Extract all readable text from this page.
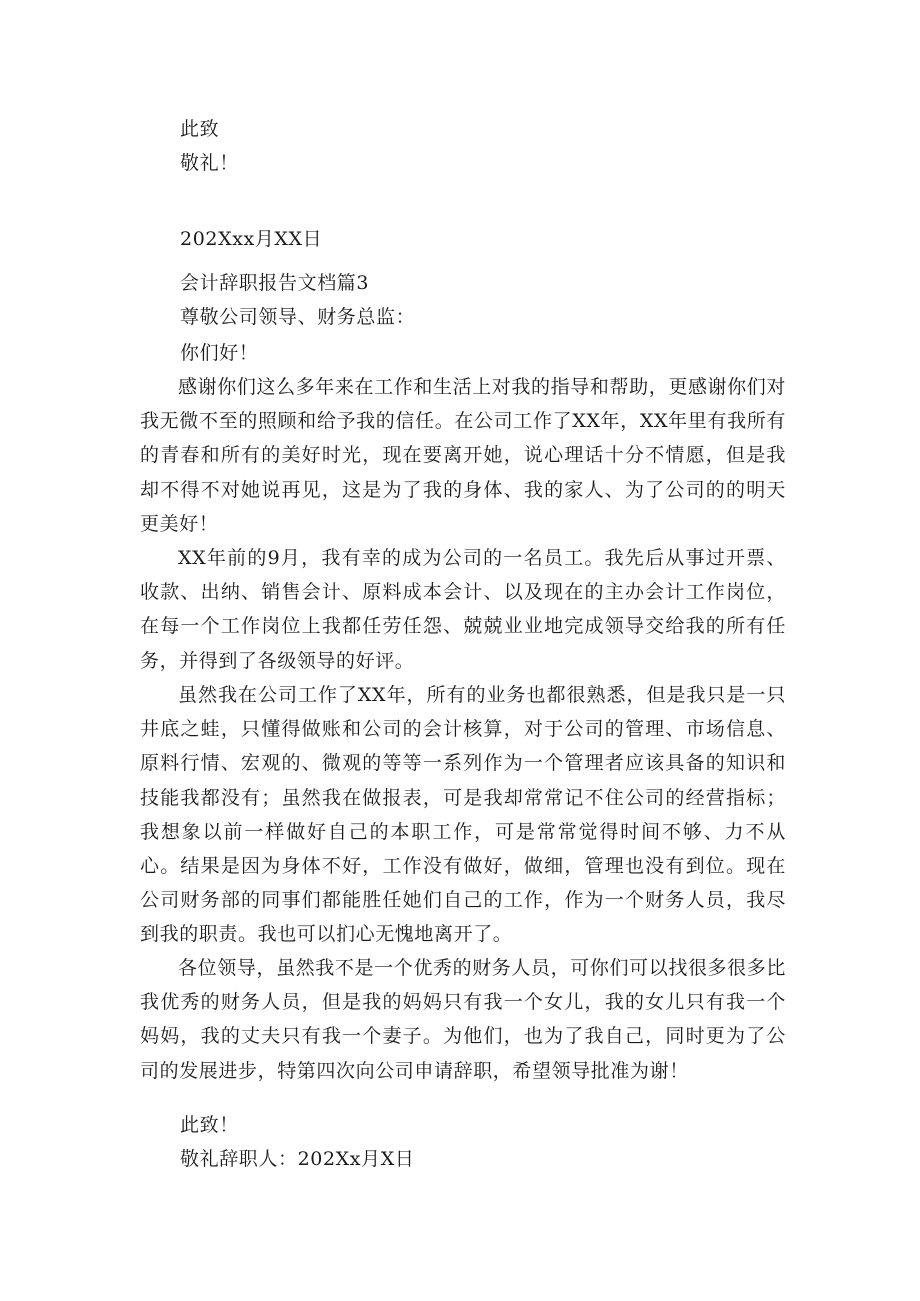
此致
敬礼！
202Xxx月XX日
会计辞职报告文档篇3
尊敬公司领导、财务总监：
你们好！
感谢你们这么多年来在工作和生活上对我的指导和帮助，更感谢你们对我无微不至的照顾和给予我的信任。在公司工作了XX年，XX年里有我所有的青春和所有的美好时光，现在要离开她，说心理话十分不情愿，但是我却不得不对她说再见，这是为了我的身体、我的家人、为了公司的的明天更美好！
XX年前的9月，我有幸的成为公司的一名员工。我先后从事过开票、收款、出纳、销售会计、原料成本会计、以及现在的主办会计工作岗位，在每一个工作岗位上我都任劳任怨、兢兢业业地完成领导交给我的所有任务，并得到了各级领导的好评。
虽然我在公司工作了XX年，所有的业务也都很熟悉，但是我只是一只井底之蛙，只懂得做账和公司的会计核算，对于公司的管理、市场信息、原料行情、宏观的、微观的等等一系列作为一个管理者应该具备的知识和技能我都没有；虽然我在做报表，可是我却常常记不住公司的经营指标；我想象以前一样做好自己的本职工作，可是常常觉得时间不够、力不从心。结果是因为身体不好，工作没有做好，做细，管理也没有到位。现在公司财务部的同事们都能胜任她们自己的工作，作为一个财务人员，我尽到我的职责。我也可以扪心无愧地离开了。
各位领导，虽然我不是一个优秀的财务人员，可你们可以找很多很多比我优秀的财务人员，但是我的妈妈只有我一个女儿，我的女儿只有我一个妈妈，我的丈夫只有我一个妻子。为他们，也为了我自己，同时更为了公司的发展进步，特第四次向公司申请辞职，希望领导批准为谢！
此致！
敬礼辞职人：202Xx月X日
